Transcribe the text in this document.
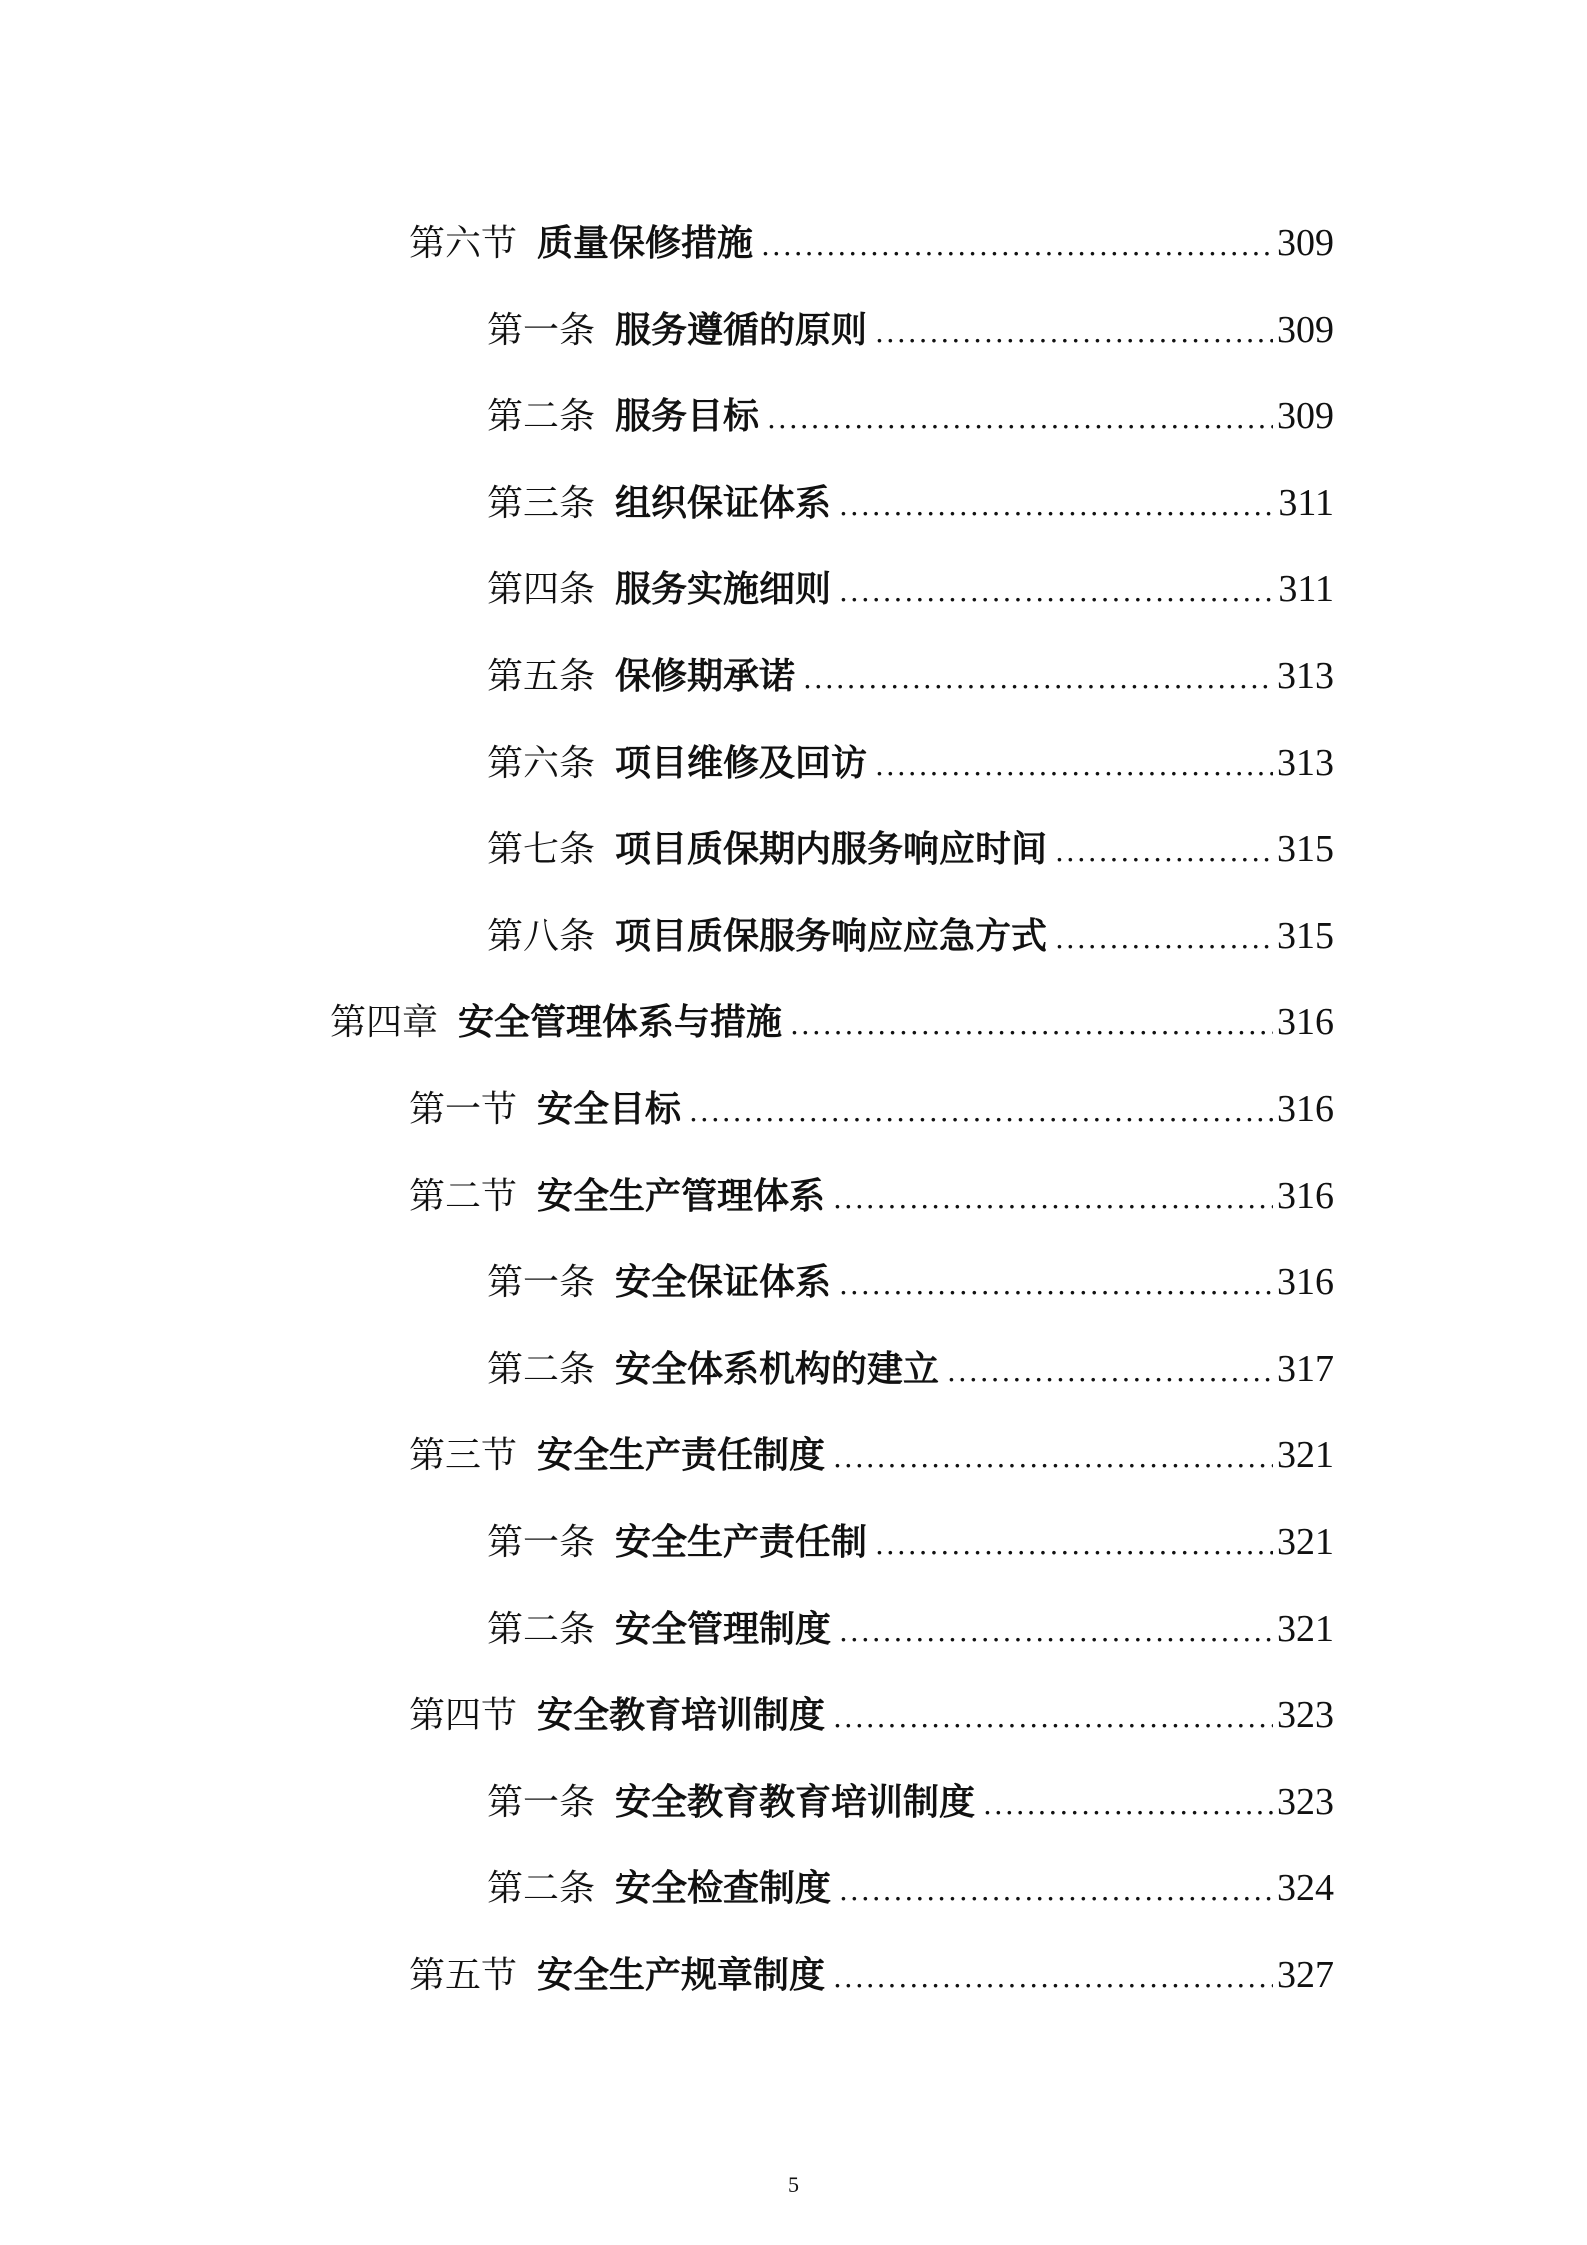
第六节 质量保修措施 .....	309
第一条 服务遵循的原则 .....	309
第二条 服务目标 .....	309
第三条 组织保证体系 .....	311
第四条 服务实施细则 .....	311
第五条 保修期承诺 .....	313
第六条 项目维修及回访 .....	313
第七条 项目质保期内服务响应时间 .....	315
第八条 项目质保服务响应应急方式 .....	315
第四章 安全管理体系与措施 .....	316
第一节 安全目标 .....	316
第二节 安全生产管理体系 .....	316
第一条 安全保证体系 .....	316
第二条 安全体系机构的建立 .....	317
第三节 安全生产责任制度 .....	321
第一条 安全生产责任制 .....	321
第二条 安全管理制度 .....	321
第四节 安全教育培训制度 .....	323
第一条 安全教育教育培训制度 .....	323
第二条 安全检查制度 .....	324
第五节 安全生产规章制度 .....	327
5
